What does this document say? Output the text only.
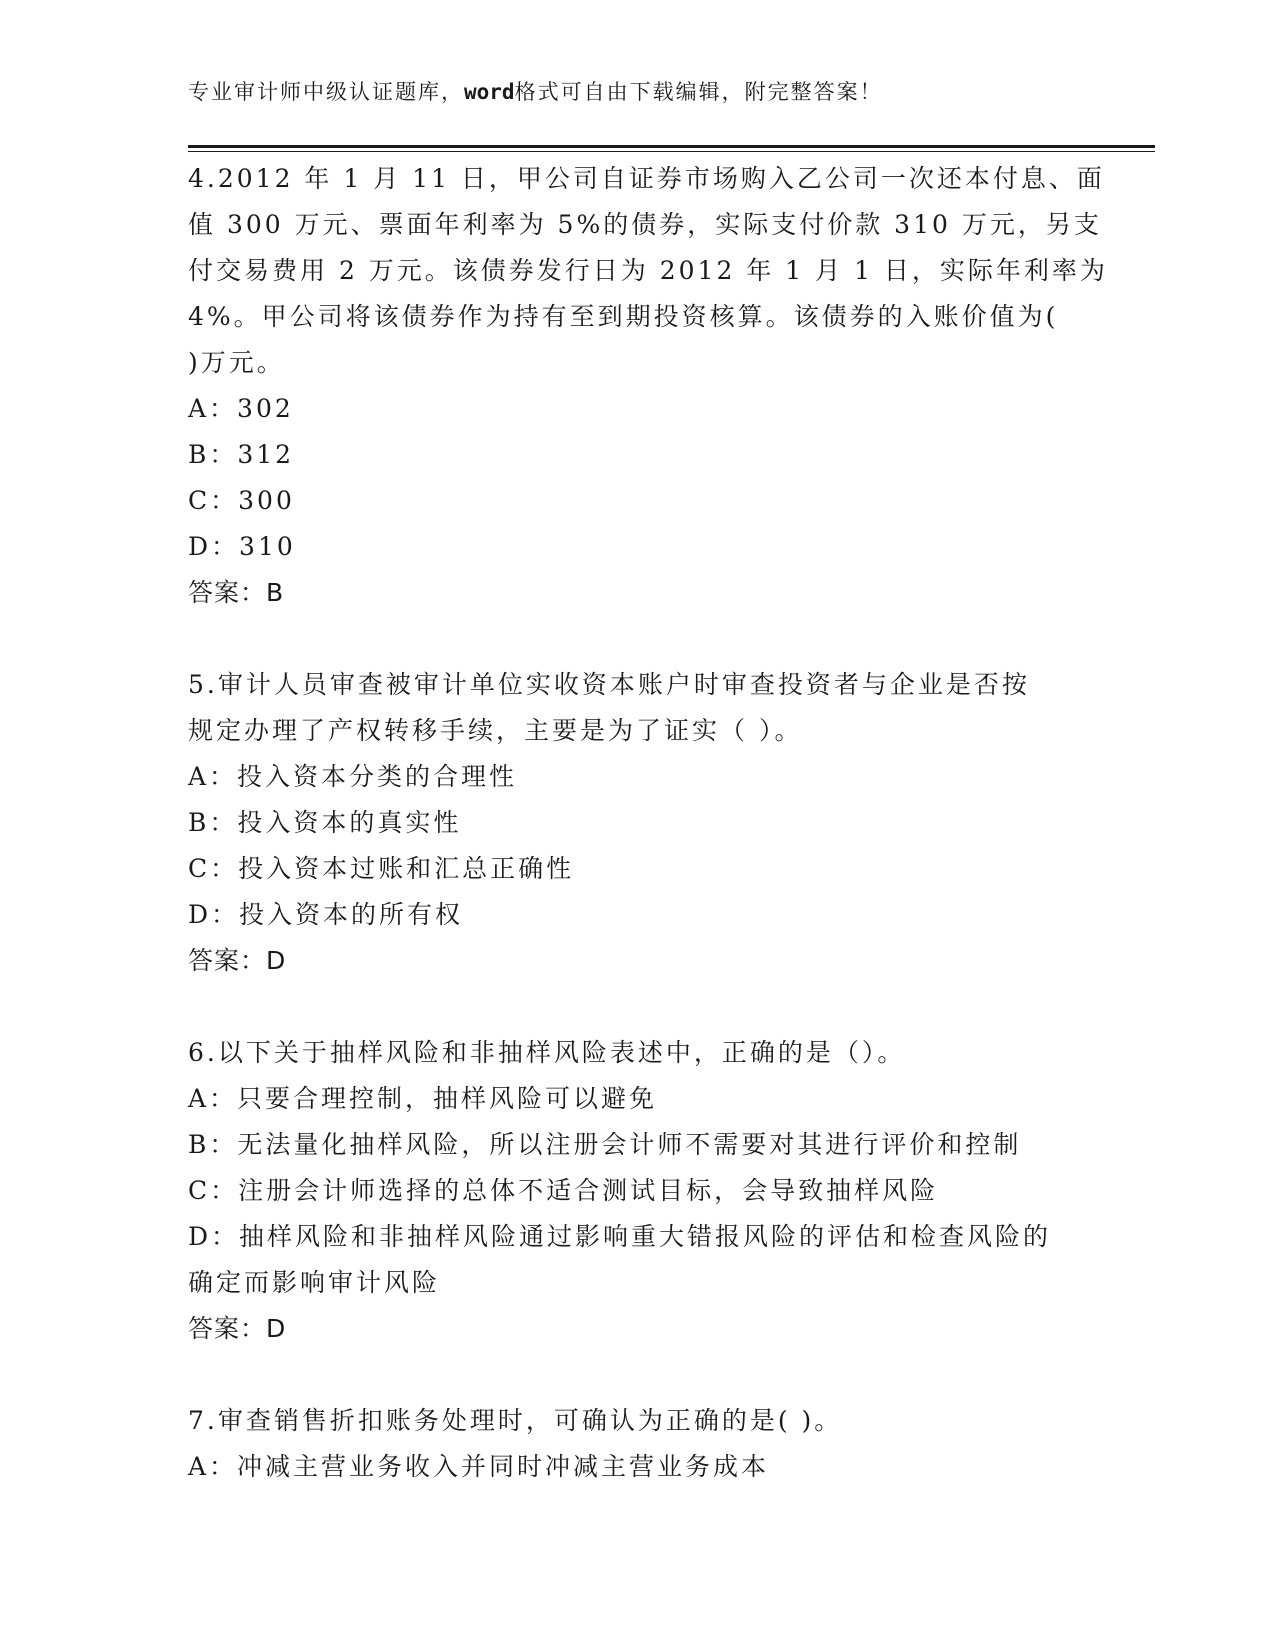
专业审计师中级认证题库，word格式可自由下载编辑，附完整答案！
4.2012 年 1 月 11 日，甲公司自证券市场购入乙公司一次还本付息、面
值 300 万元、票面年利率为 5%的债券，实际支付价款 310 万元，另支
付交易费用 2 万元。该债券发行日为 2012 年 1 月 1 日，实际年利率为
4%。甲公司将该债券作为持有至到期投资核算。该债券的入账价值为(
)万元。
A：302
B：312
C：300
D：310
答案：B
5.审计人员审查被审计单位实收资本账户时审查投资者与企业是否按
规定办理了产权转移手续，主要是为了证实（ ）。
A：投入资本分类的合理性
B：投入资本的真实性
C：投入资本过账和汇总正确性
D：投入资本的所有权
答案：D
6.以下关于抽样风险和非抽样风险表述中，正确的是（）。
A：只要合理控制，抽样风险可以避免
B：无法量化抽样风险，所以注册会计师不需要对其进行评价和控制
C：注册会计师选择的总体不适合测试目标，会导致抽样风险
D：抽样风险和非抽样风险通过影响重大错报风险的评估和检查风险的
确定而影响审计风险
答案：D
7.审查销售折扣账务处理时，可确认为正确的是( )。
A：冲减主营业务收入并同时冲减主营业务成本
